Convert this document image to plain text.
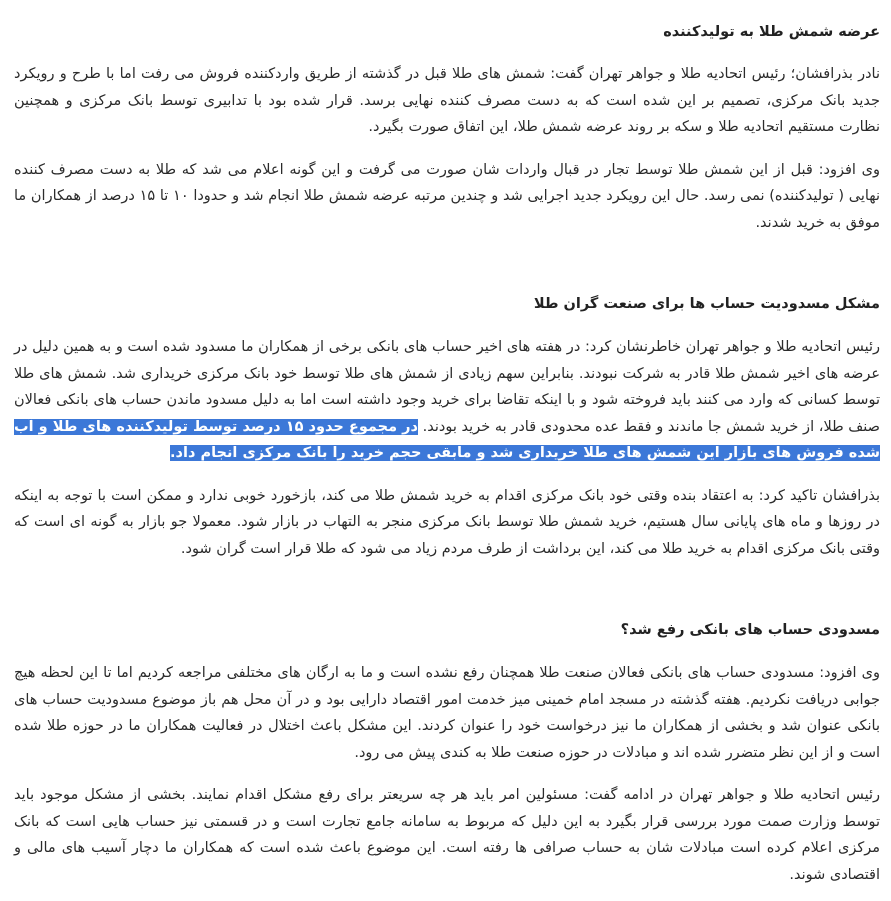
عرضه شمش طلا به تولیدکننده

نادر بذرافشان؛ رئیس اتحادیه طلا و جواهر تهران گفت: شمش های طلا قبل در گذشته از طریق واردکننده فروش می رفت اما با طرح و رویکرد جدید بانک مرکزی، تصمیم بر این شده است که به دست مصرف کننده نهایی برسد. قرار شده بود با تدابیری توسط بانک مرکزی و همچنین نظارت مستقیم اتحادیه طلا و سکه بر روند عرضه شمش طلا، این اتفاق صورت بگیرد.

وی افزود: قبل از این شمش طلا توسط تجار در قبال واردات شان صورت می گرفت و این گونه اعلام می شد که طلا به دست مصرف کننده نهایی ( تولیدکننده) نمی رسد. حال این رویکرد جدید اجرایی شد و چندین مرتبه عرضه شمش طلا انجام شد و حدودا ۱۰ تا ۱۵ درصد از همکاران ما موفق به خرید شدند.

مشکل مسدودیت حساب ها برای صنعت گران طلا

رئیس اتحادیه طلا و جواهر تهران خاطرنشان کرد: در هفته های اخیر حساب های بانکی برخی از همکاران ما مسدود شده است و به همین دلیل در عرضه های اخیر شمش طلا قادر به شرکت نبودند. بنابراین سهم زیادی از شمش های طلا توسط خود بانک مرکزی خریداری شد. شمش های طلا توسط کسانی که وارد می کنند باید فروخته شود و با اینکه تقاضا برای خرید وجود داشته است اما به دلیل مسدود ماندن حساب های بانکی فعالان صنف طلا، از خرید شمش جا ماندند و فقط عده محدودی قادر به خرید بودند. در مجموع حدود ۱۵ درصد توسط تولیدکننده های طلا و آب شده فروش های بازار این شمش های طلا خریداری شد و مابقی حجم خرید را بانک مرکزی انجام داد.

بذرافشان تاکید کرد: به اعتقاد بنده وقتی خود بانک مرکزی اقدام به خرید شمش طلا می کند، بازخورد خوبی ندارد و ممکن است با توجه به اینکه در روزها و ماه های پایانی سال هستیم، خرید شمش طلا توسط بانک مرکزی منجر به التهاب در بازار شود. معمولا جو بازار به گونه ای است که وقتی بانک مرکزی اقدام به خرید طلا می کند، این برداشت از طرف مردم زیاد می شود که طلا قرار است گران شود.

مسدودی حساب های بانکی رفع شد؟

وی افزود: مسدودی حساب های بانکی فعالان صنعت طلا همچنان رفع نشده است و ما به ارگان های مختلفی مراجعه کردیم اما تا این لحظه هیچ جوابی دریافت نکردیم. هفته گذشته در مسجد امام خمینی میز خدمت امور اقتصاد دارایی بود و در آن محل هم باز موضوع مسدودیت حساب های بانکی عنوان شد و بخشی از همکاران ما نیز درخواست خود را عنوان کردند. این مشکل باعث اختلال در فعالیت همکاران ما در حوزه طلا شده است و از این نظر متضرر شده اند و مبادلات در حوزه صنعت طلا به کندی پیش می رود.

رئیس اتحادیه طلا و جواهر تهران در ادامه گفت: مسئولین امر باید هر چه سریعتر برای رفع مشکل اقدام نمایند. بخشی از مشکل موجود باید توسط وزارت صمت مورد بررسی قرار بگیرد به این دلیل که مربوط به سامانه جامع تجارت است و در قسمتی نیز حساب هایی است که بانک مرکزی اعلام کرده است مبادلات شان به حساب صرافی ها رفته است. این موضوع باعث شده است که همکاران ما دچار آسیب های مالی و اقتصادی شوند.
